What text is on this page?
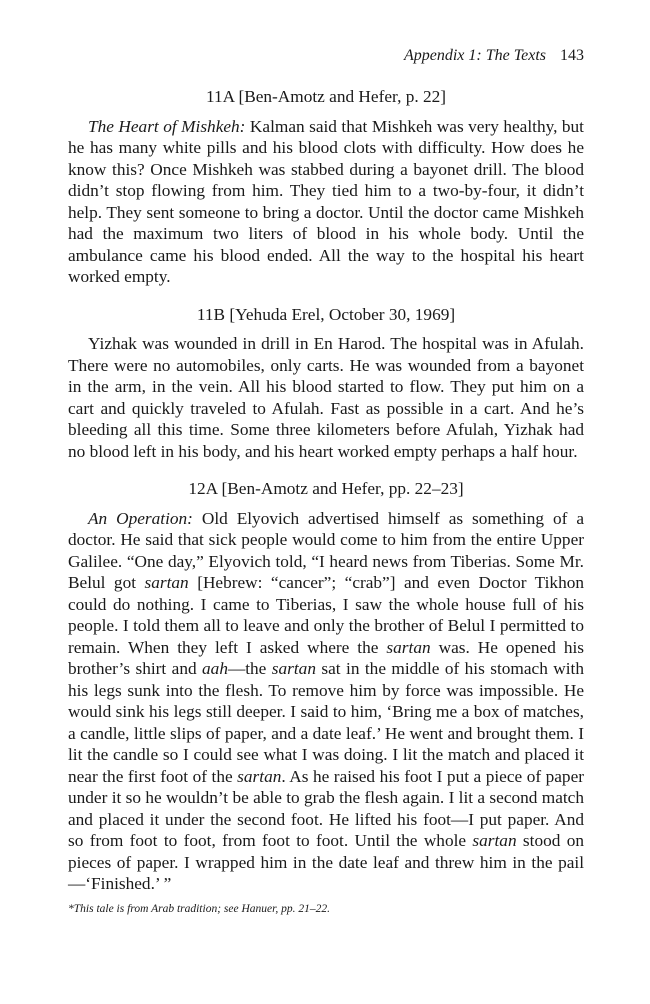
Appendix 1: The Texts 143
11A [Ben-Amotz and Hefer, p. 22]

The Heart of Mishkeh: Kalman said that Mishkeh was very healthy, but he has many white pills and his blood clots with difficulty. How does he know this? Once Mishkeh was stabbed during a bayonet drill. The blood didn’t stop flowing from him. They tied him to a two-by-four, it didn’t help. They sent someone to bring a doctor. Until the doctor came Mishkeh had the maximum two liters of blood in his whole body. Until the ambulance came his blood ended. All the way to the hospital his heart worked empty.

11B [Yehuda Erel, October 30, 1969]

Yizhak was wounded in drill in En Harod. The hospital was in Afulah. There were no automobiles, only carts. He was wounded from a bayonet in the arm, in the vein. All his blood started to flow. They put him on a cart and quickly traveled to Afulah. Fast as possible in a cart. And he’s bleeding all this time. Some three kilometers before Afulah, Yizhak had no blood left in his body, and his heart worked empty perhaps a half hour.

12A [Ben-Amotz and Hefer, pp. 22–23]

An Operation: Old Elyovich advertised himself as something of a doctor. He said that sick people would come to him from the entire Upper Galilee. “One day,” Elyovich told, “I heard news from Tiberias. Some Mr. Belul got sartan [Hebrew: “cancer”; “crab”] and even Doctor Tikhon could do nothing. I came to Tiberias, I saw the whole house full of his people. I told them all to leave and only the brother of Belul I permitted to remain. When they left I asked where the sartan was. He opened his brother’s shirt and aah—the sartan sat in the middle of his stomach with his legs sunk into the flesh. To remove him by force was impossible. He would sink his legs still deeper. I said to him, ‘Bring me a box of matches, a candle, little slips of paper, and a date leaf.’ He went and brought them. I lit the candle so I could see what I was doing. I lit the match and placed it near the first foot of the sartan. As he raised his foot I put a piece of paper under it so he wouldn’t be able to grab the flesh again. I lit a second match and placed it under the second foot. He lifted his foot—I put paper. And so from foot to foot, from foot to foot. Until the whole sartan stood on pieces of paper. I wrapped him in the date leaf and threw him in the pail—‘Finished.’ ”

*This tale is from Arab tradition; see Hanuer, pp. 21–22.
